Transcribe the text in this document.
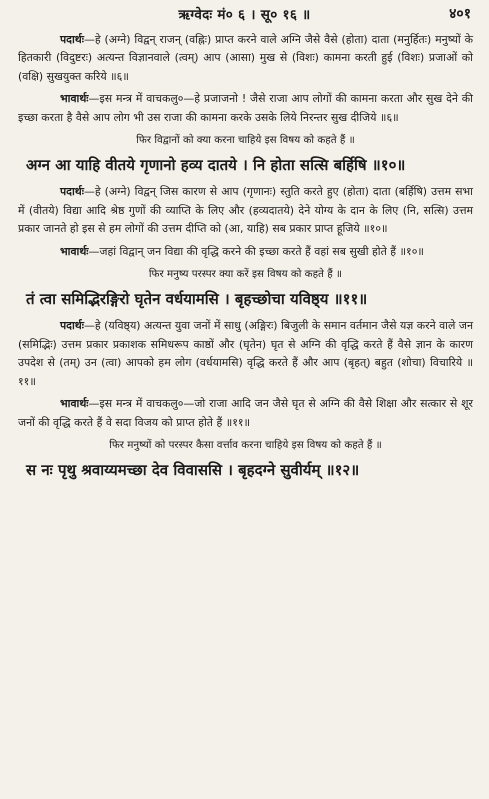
ऋग्वेदः मं० ६ । सू० १६ ॥	४०१

पदार्थः—हे (अग्ने) विद्वन् राजन् (वह्निः) प्राप्त करने वाले अग्नि जैसे वैसे (होता) दाता (मनुर्हितः) मनुष्यों के हितकारी (विदुष्टरः) अत्यन्त विज्ञानवाले (त्वम्) आप (आसा) मुख से (विशः) कामना करती हुई (विशः) प्रजाओं को (वक्षि) सुखयुक्त करिये ॥६॥

भावार्थः—इस मन्त्र में वाचकलु०—हे प्रजाजनो ! जैसे राजा आप लोगों की कामना करता और सुख देने की इच्छा करता है वैसे आप लोग भी उस राजा की कामना करके उसके लिये निरन्तर सुख दीजिये ॥६॥

फिर विद्वानों को क्या करना चाहिये इस विषय को कहते हैं ॥

अग्न आ याहि वीतये गृणानो हव्य दातये । नि होता सत्सि बर्हिषि ॥१०॥

पदार्थः—हे (अग्ने) विद्वन् जिस कारण से आप (गृणानः) स्तुति करते हुए (होता) दाता (बर्हिषि) उत्तम सभा में (वीतये) विद्या आदि श्रेष्ठ गुणों की व्याप्ति के लिए और (हव्यदातये) देने योग्य के दान के लिए (नि, सत्सि) उत्तम प्रकार जानते हो इस से हम लोगों की उत्तम दीप्ति को (आ, याहि) सब प्रकार प्राप्त हूजिये ॥१०॥

भावार्थः—जहां विद्वान् जन विद्या की वृद्धि करने की इच्छा करते हैं वहां सब सुखी होते हैं ॥१०॥

फिर मनुष्य परस्पर क्या करें इस विषय को कहते हैं ॥

तं त्वा समिद्भिरङ्गिरो घृतेन वर्धयामसि । बृहच्छोचा यविष्ठ्य ॥११॥

पदार्थः—हे (यविष्ठ्य) अत्यन्त युवा जनों में साधु (अङ्गिरः) बिजुली के समान वर्तमान जैसे यज्ञ करने वाले जन (समिद्भिः) उत्तम प्रकार प्रकाशक समिधरूप काष्ठों और (घृतेन) घृत से अग्नि की वृद्धि करते हैं वैसे ज्ञान के कारण उपदेश से (तम्) उन (त्वा) आपको हम लोग (वर्धयामसि) वृद्धि करते हैं और आप (बृहत्) बहुत (शोचा) विचारिये ॥११॥

भावार्थः—इस मन्त्र में वाचकलु०—जो राजा आदि जन जैसे घृत से अग्नि की वैसे शिक्षा और सत्कार से शूर जनों की वृद्धि करते हैं वे सदा विजय को प्राप्त होते हैं ॥११॥

फिर मनुष्यों को परस्पर कैसा वर्त्ताव करना चाहिये इस विषय को कहते हैं ॥

स नः पृथु श्रवाय्यमच्छा देव विवाससि । बृहदग्ने सुवीर्यम् ॥१२॥
